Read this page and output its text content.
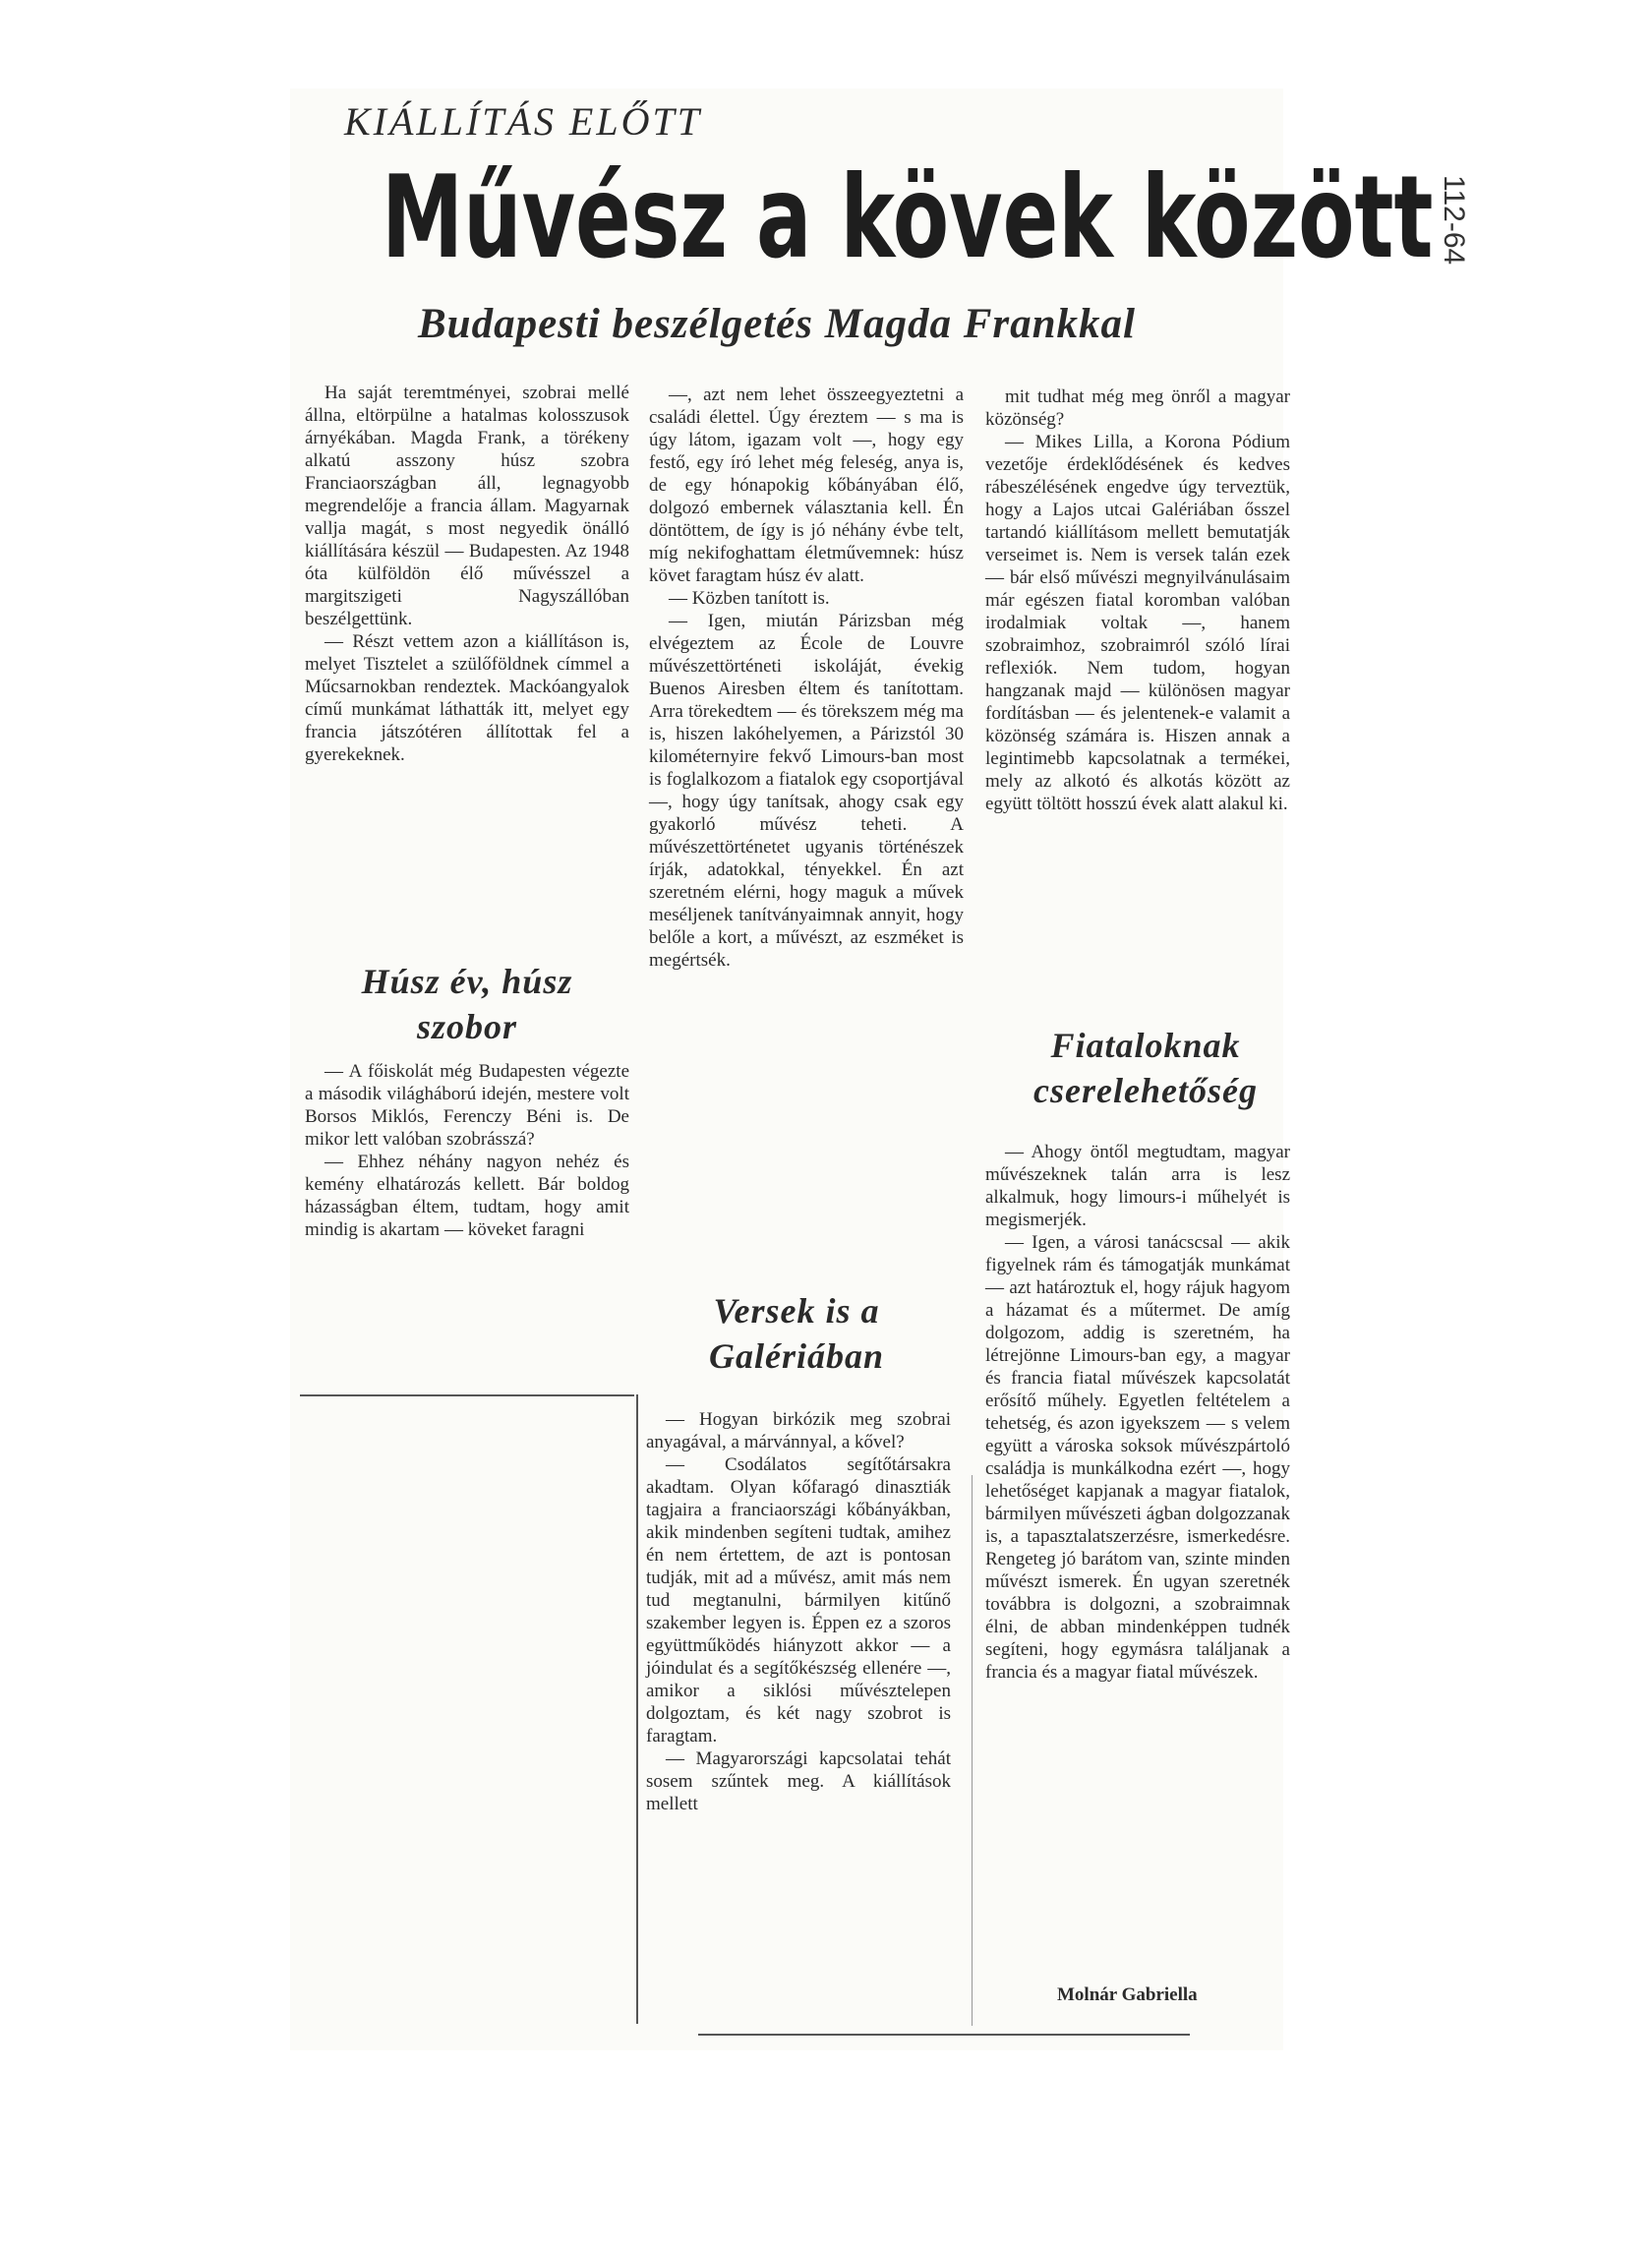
KIÁLLÍTÁS ELŐTT
Művész a kövek között
Budapesti beszélgetés Magda Frankkal
112-64

Ha saját teremtményei, szobrai mellé állna, eltörpülne a hatalmas kolosszusok árnyékában. Magda Frank, a törékeny alkatú asszony húsz szobra Franciaországban áll, legnagyobb megrendelője a francia állam. Magyarnak vallja magát, s most negyedik önálló kiállítására készül — Budapesten. Az 1948 óta külföldön élő művésszel a margitszigeti Nagyszállóban beszélgettünk.

— Részt vettem azon a kiállításon is, melyet Tisztelet a szülőföldnek címmel a Műcsarnokban rendeztek. Mackóangyalok című munkámat láthatták itt, melyet egy francia játszótéren állítottak fel a gyerekeknek.

Húsz év, húsz szobor

— A főiskolát még Budapesten végezte a második világháború idején, mestere volt Borsos Miklós, Ferenczy Béni is. De mikor lett valóban szobrásszá?

— Ehhez néhány nagyon nehéz és kemény elhatározás kellett. Bár boldog házasságban éltem, tudtam, hogy amit mindig is akartam — köveket faragni

—, azt nem lehet összeegyeztetni a családi élettel. Úgy éreztem — s ma is úgy látom, igazam volt —, hogy egy festő, egy író lehet még feleség, anya is, de egy hónapokig kőbányában élő, dolgozó embernek választania kell. Én döntöttem, de így is jó néhány évbe telt, míg nekifoghattam életművemnek: húsz követ faragtam húsz év alatt.

— Közben tanított is.

— Igen, miután Párizsban még elvégeztem az École de Louvre művészettörténeti iskoláját, évekig Buenos Airesben éltem és tanítottam. Arra törekedtem — és törekszem még ma is, hiszen lakóhelyemen, a Párizstól 30 kilométernyire fekvő Limours-ban most is foglalkozom a fiatalok egy csoportjával —, hogy úgy tanítsak, ahogy csak egy gyakorló művész teheti. A művészettörténetet ugyanis történészek írják, adatokkal, tényekkel. Én azt szeretném elérni, hogy maguk a művek meséljenek tanítványaimnak annyit, hogy belőle a kort, a művészt, az eszméket is megértsék.

Versek is a Galériában

— Hogyan birkózik meg szobrai anyagával, a márvánnyal, a kővel?

— Csodálatos segítőtársakra akadtam. Olyan kőfaragó dinasztiák tagjaira a franciaországi kőbányákban, akik mindenben segíteni tudtak, amihez én nem értettem, de azt is pontosan tudják, mit ad a művész, amit más nem tud megtanulni, bármilyen kitűnő szakember legyen is. Éppen ez a szoros együttműködés hiányzott akkor — a jóindulat és a segítőkészség ellenére —, amikor a siklósi művésztelepen dolgoztam, és két nagy szobrot is faragtam.

— Magyarországi kapcsolatai tehát sosem szűntek meg. A kiállítások mellett

mit tudhat még meg önről a magyar közönség?

— Mikes Lilla, a Korona Pódium vezetője érdeklődésének és kedves rábeszélésének engedve úgy terveztük, hogy a Lajos utcai Galériában ősszel tartandó kiállításom mellett bemutatják verseimet is. Nem is versek talán ezek — bár első művészi megnyilvánulásaim már egészen fiatal koromban valóban irodalmiak voltak —, hanem szobraimhoz, szobraimról szóló lírai reflexiók. Nem tudom, hogyan hangzanak majd — különösen magyar fordításban — és jelentenek-e valamit a közönség számára is. Hiszen annak a legintimebb kapcsolatnak a termékei, mely az alkotó és alkotás között az együtt töltött hosszú évek alatt alakul ki.

Fiataloknak cserelehetőség

— Ahogy öntől megtudtam, magyar művészeknek talán arra is lesz alkalmuk, hogy limours-i műhelyét is megismerjék.

— Igen, a városi tanácscsal — akik figyelnek rám és támogatják munkámat — azt határoztuk el, hogy rájuk hagyom a házamat és a műtermet. De amíg dolgozom, addig is szeretném, ha létrejönne Limours-ban egy, a magyar és francia fiatal művészek kapcsolatát erősítő műhely. Egyetlen feltételem a tehetség, és azon igyekszem — s velem együtt a városka soksok művészpártoló családja is munkálkodna ezért —, hogy lehetőséget kapjanak a magyar fiatalok, bármilyen művészeti ágban dolgozzanak is, a tapasztalatszerzésre, ismerkedésre. Rengeteg jó barátom van, szinte minden művészt ismerek. Én ugyan szeretnék továbbra is dolgozni, a szobraimnak élni, de abban mindenképpen tudnék segíteni, hogy egymásra találjanak a francia és a magyar fiatal művészek.

Molnár Gabriella
